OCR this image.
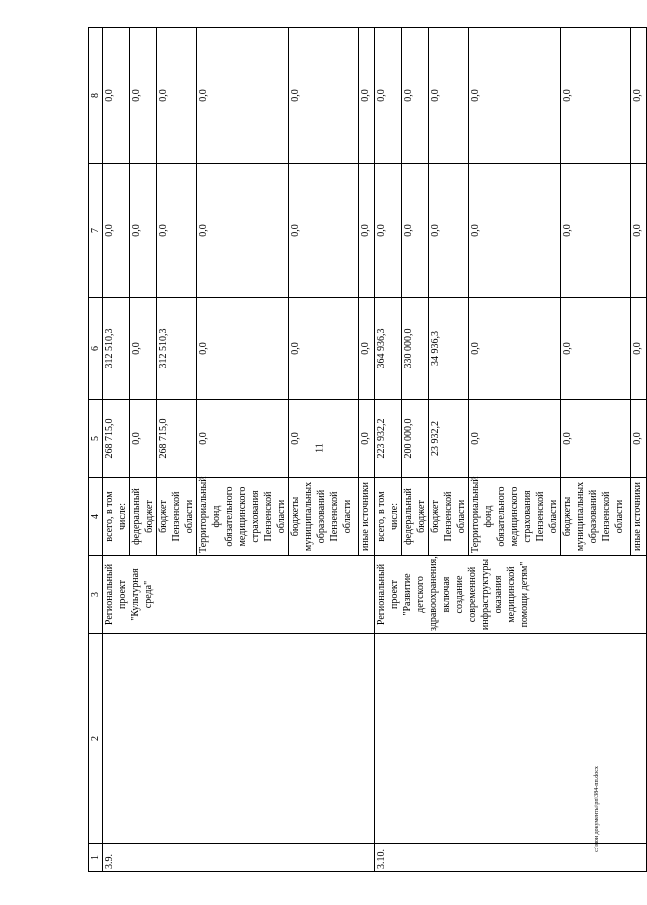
11
1	2	3	4	5	6	7	8
3.9.		Региональный проект "Культурная среда"	всего, в том числе:	268 715,0	312 510,3	0,0	0,0
			федеральный бюджет	0,0	0,0	0,0	0,0
			бюджет Пензенской области	268 715,0	312 510,3	0,0	0,0
			Территориальный фонд обязательного медицинского страхования Пензенской области	0,0	0,0	0,0	0,0
			бюджеты муниципальных образований Пензенской области	0,0	0,0	0,0	0,0
			иные источники	0,0	0,0	0,0	0,0
3.10.		Региональный проект "Развитие детского здравоохранения, включая создание современной инфраструктуры оказания медицинской помощи детям"	всего, в том числе:	223 932,2	364 936,3	0,0	0,0
			федеральный бюджет	200 000,0	330 000,0	0,0	0,0
			бюджет Пензенской области	23 932,2	34 936,3	0,0	0,0
			Территориальный фонд обязательного медицинского страхования Пензенской области	0,0	0,0	0,0	0,0
			бюджеты муниципальных образований Пензенской области	0,0	0,0	0,0	0,0
			иные источники	0,0	0,0	0,0	0,0
c:\мои документы\рп\384-пп.docx
